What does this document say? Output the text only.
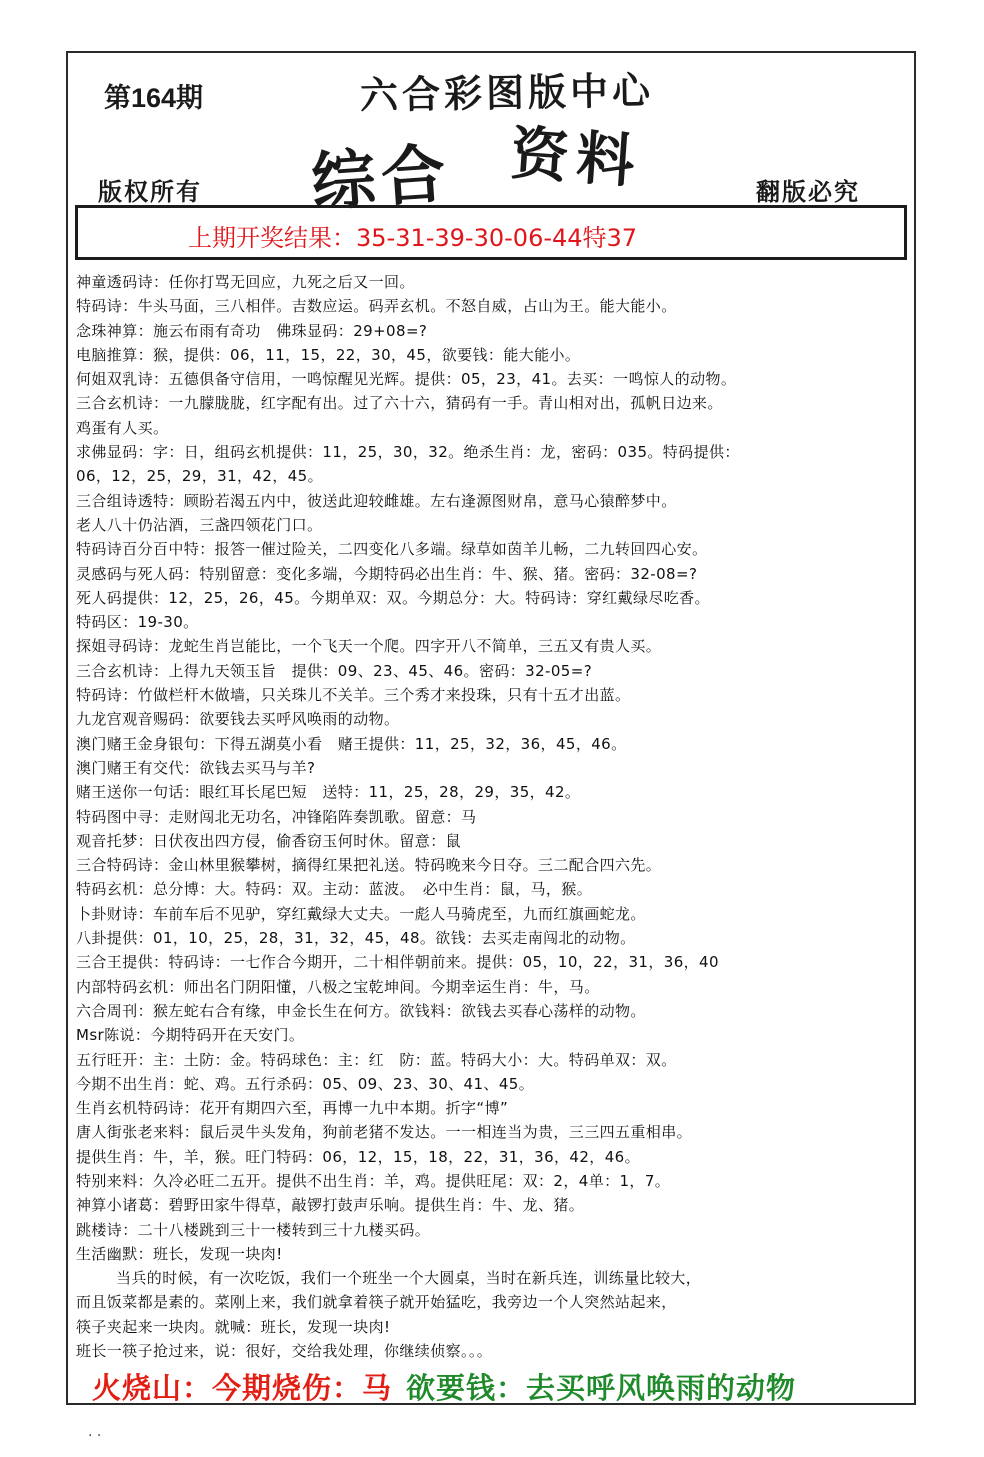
第164期	六合彩图版中心
综合 资料
版权所有	翻版必究
上期开奖结果：35-31-39-30-06-44特37
神童透码诗：任你打骂无回应，九死之后又一回。
特码诗：牛头马面，三八相伴。吉数应运。码弄玄机。不怒自威，占山为王。能大能小。
念珠神算：施云布雨有奇功　佛珠显码：29+08=?
电脑推算：猴，提供：06，11，15，22，30，45，欲要钱：能大能小。
何姐双乳诗：五德俱备守信用，一鸣惊醒见光辉。提供：05，23，41。去买：一鸣惊人的动物。
三合玄机诗：一九朦胧胧，红字配有出。过了六十六，猜码有一手。青山相对出，孤帆日边来。
鸡蛋有人买。
求佛显码：字：日，组码玄机提供：11，25，30，32。绝杀生肖：龙，密码：035。特码提供：
06，12，25，29，31，42，45。
三合组诗透特：顾盼若渴五内中，彼送此迎较雌雄。左右逢源图财帛，意马心猿醉梦中。
老人八十仍沾酒，三盏四领花门口。
特码诗百分百中特：报答一催过险关，二四变化八多端。绿草如茵羊儿畅，二九转回四心安。
灵感码与死人码：特别留意：变化多端，今期特码必出生肖：牛、猴、猪。密码：32-08=?
死人码提供：12，25，26，45。今期单双：双。今期总分：大。特码诗：穿红戴绿尽吃香。
特码区：19-30。
探姐寻码诗：龙蛇生肖岂能比，一个飞天一个爬。四字开八不简单，三五又有贵人买。
三合玄机诗：上得九天领玉旨　提供：09、23、45、46。密码：32-05=?
特码诗：竹做栏杆木做墙，只关珠儿不关羊。三个秀才来投珠，只有十五才出蓝。
九龙宫观音赐码：欲要钱去买呼风唤雨的动物。
澳门赌王金身银句：下得五湖莫小看　赌王提供：11，25，32，36，45，46。
澳门赌王有交代：欲钱去买马与羊?
赌王送你一句话：眼红耳长尾巴短　送特：11，25，28，29，35，42。
特码图中寻：走财闯北无功名，冲锋陷阵奏凯歌。留意：马
观音托梦：日伏夜出四方侵，偷香窃玉何时休。留意：鼠
三合特码诗：金山林里猴攀树，摘得红果把礼送。特码晚来今日夺。三二配合四六先。
特码玄机：总分博：大。特码：双。主动：蓝波。　必中生肖：鼠，马，猴。
卜卦财诗：车前车后不见驴，穿红戴绿大丈夫。一彪人马骑虎至，九而红旗画蛇龙。
八卦提供：01，10，25，28，31，32，45，48。欲钱：去买走南闯北的动物。
三合王提供：特码诗：一七作合今期开，二十相伴朝前来。提供：05，10，22，31，36，40
内部特码玄机：师出名门阴阳懂，八极之宝乾坤间。今期幸运生肖：牛，马。
六合周刊：猴左蛇右合有缘，申金长生在何方。欲钱料：欲钱去买春心荡样的动物。
Msr陈说：今期特码开在天安门。
五行旺开：主：土防：金。特码球色：主：红　防：蓝。特码大小：大。特码单双：双。
今期不出生肖：蛇、鸡。五行杀码：05、09、23、30、41、45。
生肖玄机特码诗：花开有期四六至，再博一九中本期。折字“博”
唐人街张老来料：鼠后灵牛头发角，狗前老猪不发达。一一相连当为贵，三三四五重相串。
提供生肖：牛，羊，猴。旺门特码：06，12，15，18，22，31，36，42，46。
特别来料：久冷必旺二五开。提供不出生肖：羊，鸡。提供旺尾：双：2，4单：1，7。
神算小诸葛：碧野田家牛得草，敲锣打鼓声乐响。提供生肖：牛、龙、猪。
跳楼诗：二十八楼跳到三十一楼转到三十九楼买码。
生活幽默：班长，发现一块肉!
当兵的时候，有一次吃饭，我们一个班坐一个大圆桌，当时在新兵连，训练量比较大，
而且饭菜都是素的。菜刚上来，我们就拿着筷子就开始猛吃，我旁边一个人突然站起来，
筷子夹起来一块肉。就喊：班长，发现一块肉!
班长一筷子抢过来，说：很好，交给我处理，你继续侦察。。。
火烧山：今期烧伤：马 欲要钱：去买呼风唤雨的动物
. .
